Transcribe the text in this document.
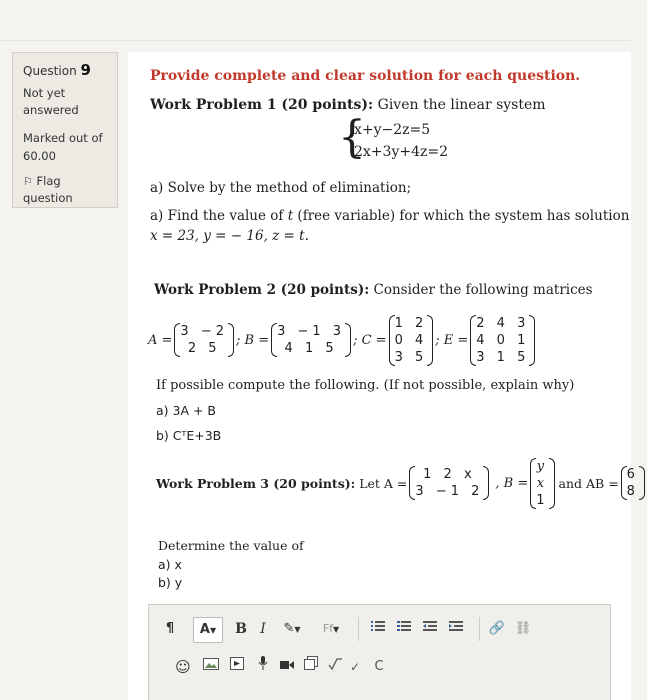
Question 9
Not yet
answered
Marked out of
60.00
⚐ Flag
question
Provide complete and clear solution for each question.
Work Problem 1 (20 points): Given the linear system
{
x+y−2z=5
2x+3y+4z=2
a) Solve by the method of elimination;
a) Find the value of t (free variable) for which the system has solution
x = 23, y = − 16, z = t.
Work Problem 2 (20 points): Consider the following matrices
A =
3 −2
2 5
; B =
3 −1 3
4 1 5
; C =
1 2
0 4
3 5
; E =
2 4 3
4 0 1
3 1 5
If possible compute the following. (If not possible, explain why)
a) 3A + B
b) CᵀE+3B
Work Problem 3 (20 points): Let A =
1 2 x
3 −1 2
, B =
y
x
1
and AB =
6
8
Determine the value of
a) x
b) y
¶	A▼	B I	✎▼	Ff▼	🔗 ⛓
☺	✓	C
